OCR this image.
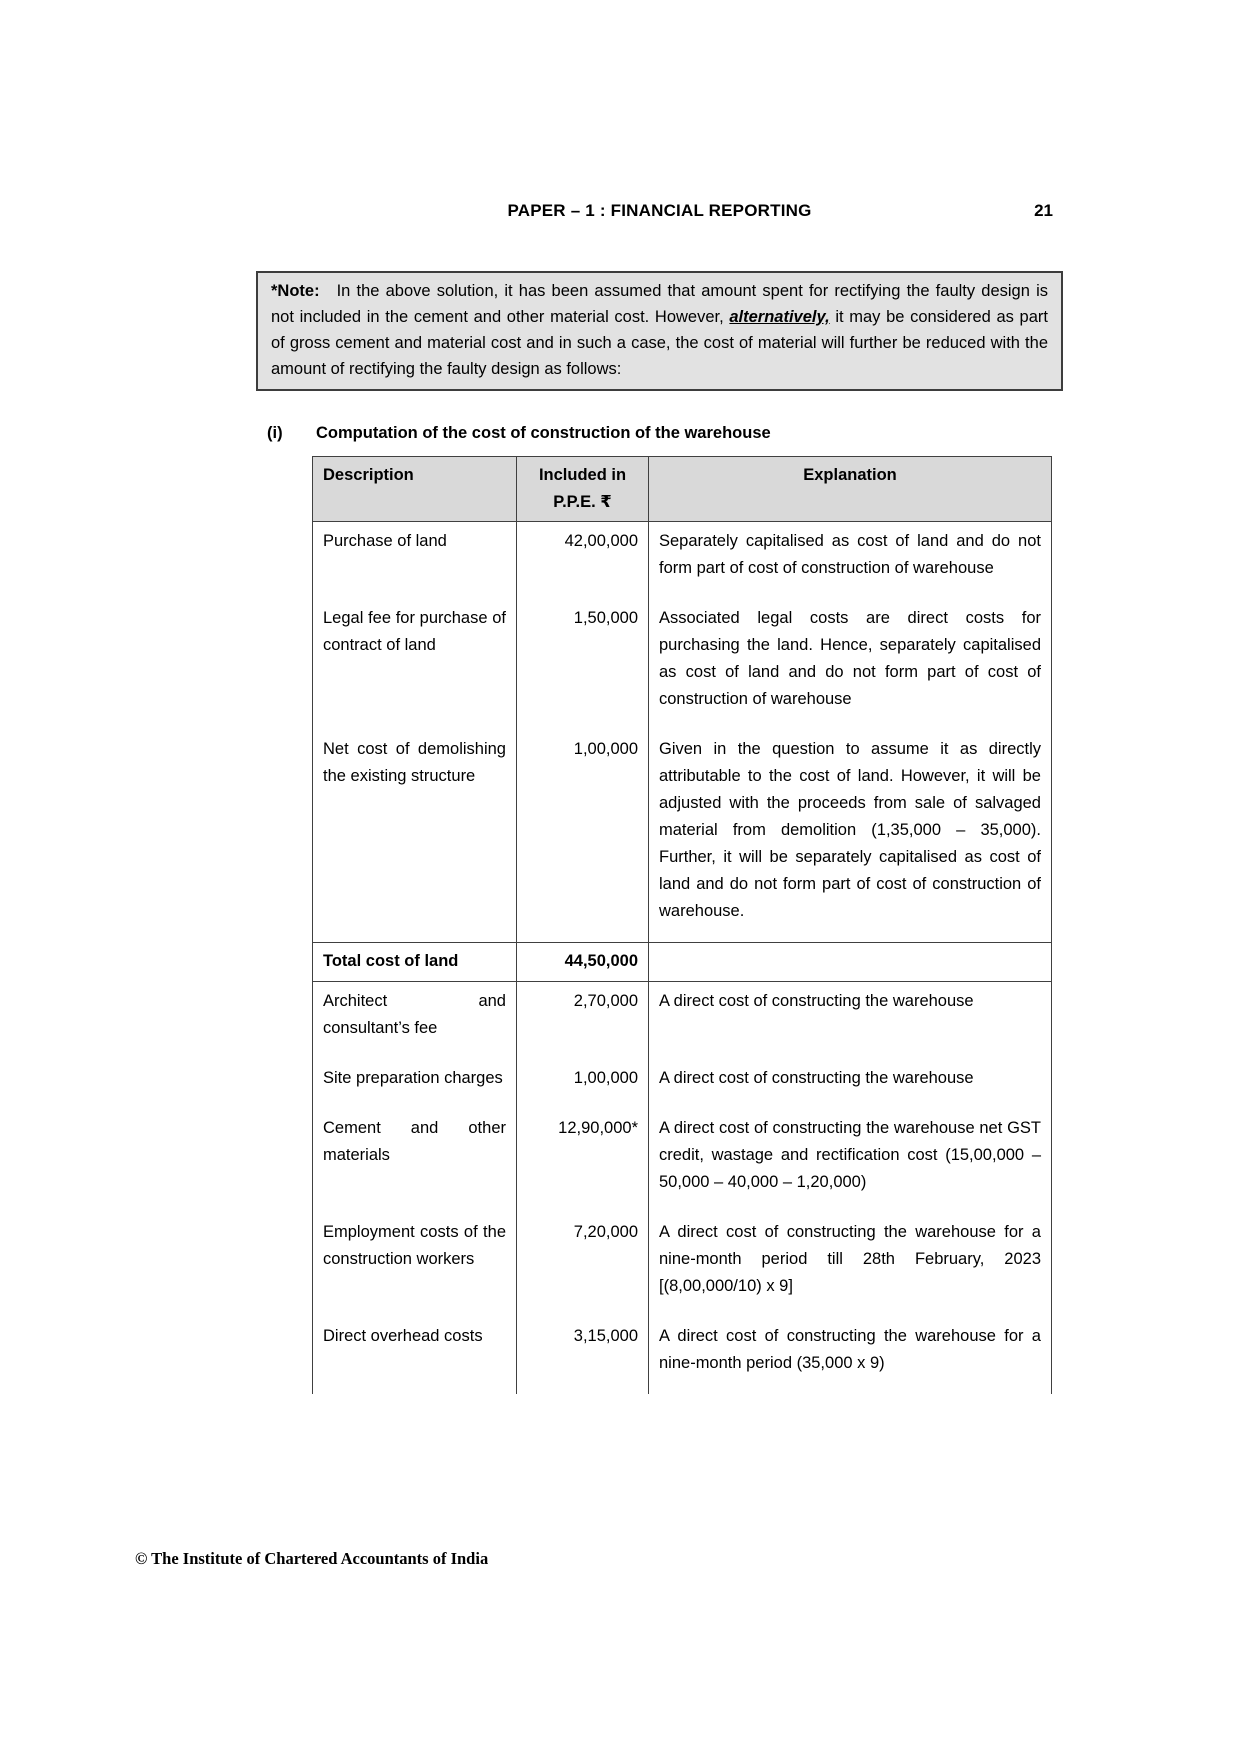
PAPER – 1 : FINANCIAL REPORTING	21
*Note: In the above solution, it has been assumed that amount spent for rectifying the faulty design is not included in the cement and other material cost. However, alternatively, it may be considered as part of gross cement and material cost and in such a case, the cost of material will further be reduced with the amount of rectifying the faulty design as follows:
(i)	Computation of the cost of construction of the warehouse
Description	Included in P.P.E. ₹	Explanation
Purchase of land	42,00,000	Separately capitalised as cost of land and do not form part of cost of construction of warehouse
Legal fee for purchase of contract of land	1,50,000	Associated legal costs are direct costs for purchasing the land. Hence, separately capitalised as cost of land and do not form part of cost of construction of warehouse
Net cost of demolishing the existing structure	1,00,000	Given in the question to assume it as directly attributable to the cost of land. However, it will be adjusted with the proceeds from sale of salvaged material from demolition (1,35,000 – 35,000). Further, it will be separately capitalised as cost of land and do not form part of cost of construction of warehouse.
Total cost of land	44,50,000	
Architect and consultant’s fee	2,70,000	A direct cost of constructing the warehouse
Site preparation charges	1,00,000	A direct cost of constructing the warehouse
Cement and other materials	12,90,000*	A direct cost of constructing the warehouse net GST credit, wastage and rectification cost (15,00,000 – 50,000 – 40,000 – 1,20,000)
Employment costs of the construction workers	7,20,000	A direct cost of constructing the warehouse for a nine-month period till 28th February, 2023 [(8,00,000/10) x 9]
Direct overhead costs	3,15,000	A direct cost of constructing the warehouse for a nine-month period (35,000 x 9)
© The Institute of Chartered Accountants of India
